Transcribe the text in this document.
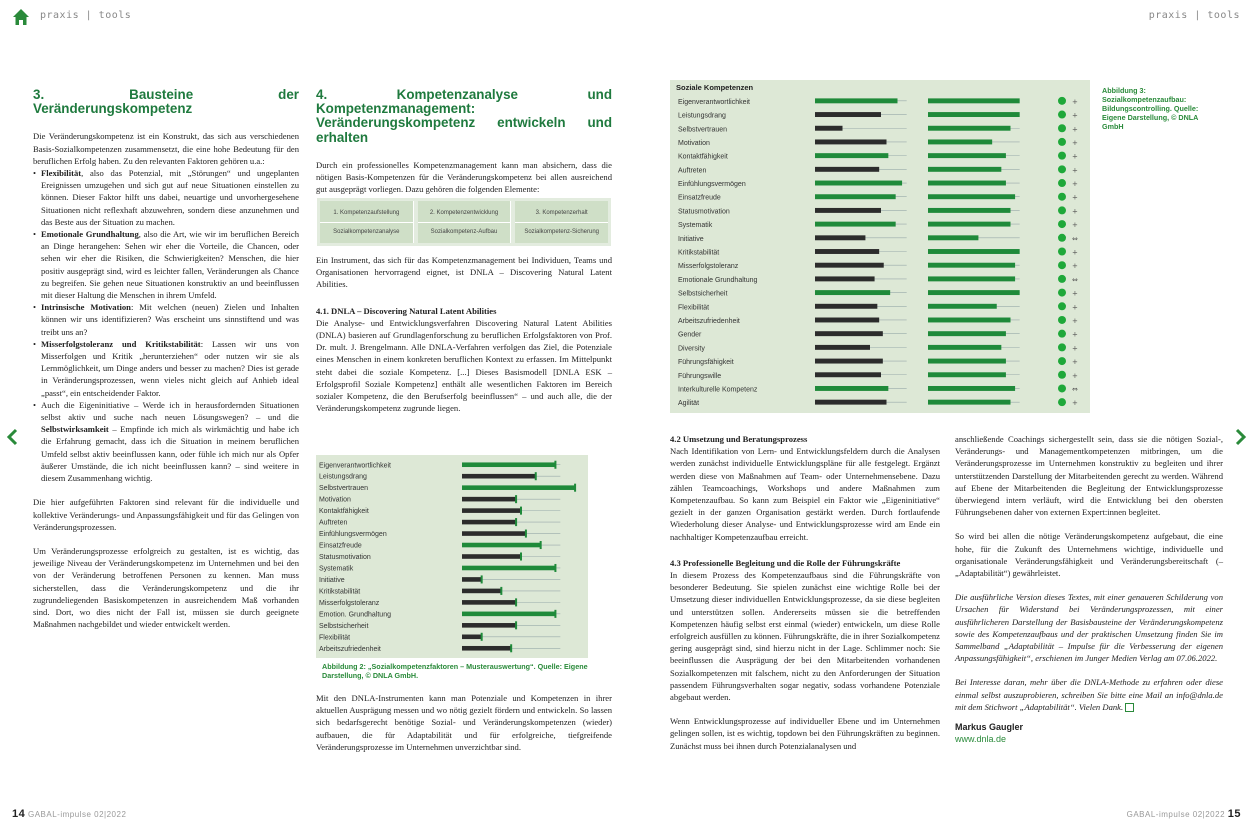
praxis | tools	praxis | tools
3. Bausteine der Veränderungskompetenz

Die Veränderungskompetenz ist ein Konstrukt, das sich aus verschiedenen Basis-Sozialkompetenzen zusammensetzt, die eine hohe Bedeutung für den beruflichen Erfolg haben. Zu den relevanten Faktoren gehören u.a.:

• Flexibilität, also das Potenzial, mit „Störungen“ und ungeplanten Ereignissen umzugehen und sich gut auf neue Situationen einstellen zu können. Dieser Faktor hilft uns dabei, neuartige und unvorhergesehene Situationen nicht reflexhaft abzuwehren, sondern diese anzunehmen und das Beste aus der Situation zu machen.

• Emotionale Grundhaltung, also die Art, wie wir im beruflichen Bereich an Dinge herangehen: Sehen wir eher die Vorteile, die Chancen, oder sehen wir eher die Risiken, die Schwierigkeiten? Menschen, die hier positiv ausgeprägt sind, wird es leichter fallen, Veränderungen als Chance zu begreifen. Sie gehen neue Situationen konstruktiv an und beeinflussen mit dieser Haltung die Menschen in ihrem Umfeld.

• Intrinsische Motivation: Mit welchen (neuen) Zielen und Inhalten können wir uns identifizieren? Was erscheint uns sinnstiftend und was treibt uns an?

• Misserfolgstoleranz und Kritikstabilität: Lassen wir uns von Misserfolgen und Kritik „herunterziehen“ oder nutzen wir sie als Lernmöglichkeit, um Dinge anders und besser zu machen? Dies ist gerade in Veränderungsprozessen, wenn vieles nicht gleich auf Anhieb ideal „passt“, ein entscheidender Faktor.

• Auch die Eigeninitiative – Werde ich in herausfordernden Situationen selbst aktiv und suche nach neuen Lösungswegen? – und die Selbstwirksamkeit – Empfinde ich mich als wirkmächtig und habe ich die Erfahrung gemacht, dass ich die Situation in meinem beruflichen Umfeld selbst aktiv beeinflussen kann, oder fühle ich mich nur als Opfer äußerer Umstände, die ich nicht beeinflussen kann? – sind weitere in diesem Zusammenhang wichtig.

Die hier aufgeführten Faktoren sind relevant für die individuelle und kollektive Veränderungs- und Anpassungsfähigkeit und für das Gelingen von Veränderungsprozessen.

Um Veränderungsprozesse erfolgreich zu gestalten, ist es wichtig, das jeweilige Niveau der Veränderungskompetenz im Unternehmen und bei den von der Veränderung betroffenen Personen zu kennen. Man muss sicherstellen, dass die Veränderungskompetenz und die ihr zugrundeliegenden Basiskompetenzen in ausreichendem Maß vorhanden sind. Dort, wo dies nicht der Fall ist, müssen sie durch geeignete Maßnahmen nachgebildet und wieder entwickelt werden.

4. Kompetenzanalyse und Kompetenzmanagement: Veränderungskompetenz entwickeln und erhalten

Durch ein professionelles Kompetenzmanagement kann man absichern, dass die nötigen Basis-Kompetenzen für die Veränderungskompetenz bei allen ausreichend gut ausgeprägt vorliegen. Dazu gehören die folgenden Elemente:

1. Kompetenzaufstellung
Sozialkompetenzanalyse
2. Kompetenzentwicklung
Sozialkompetenz-Aufbau
3. Kompetenzerhalt
Sozialkompetenz-Sicherung

Ein Instrument, das sich für das Kompetenzmanagement bei Individuen, Teams und Organisationen hervorragend eignet, ist DNLA – Discovering Natural Latent Abilities.

4.1. DNLA – Discovering Natural Latent Abilities

Die Analyse- und Entwicklungsverfahren Discovering Natural Latent Abilities (DNLA) basieren auf Grundlagenforschung zu beruflichen Erfolgsfaktoren von Prof. Dr. mult. J. Brengelmann. Alle DNLA-Verfahren verfolgen das Ziel, die Potenziale eines Menschen in einem konkreten beruflichen Kontext zu erfassen. Im Mittelpunkt steht dabei die soziale Kompetenz. [...] Dieses Basismodell [DNLA ESK – Erfolgsprofil Soziale Kompetenz] enthält alle wesentlichen Faktoren im Bereich sozialer Kompetenz, die den Berufserfolg beeinflussen“ – und auch alle, die der Veränderungskompetenz zugrunde liegen.

Eigenverantwortlichkeit
Leistungsdrang
Selbstvertrauen
Motivation
Kontaktfähigkeit
Auftreten
Einfühlungsvermögen
Einsatzfreude
Statusmotivation
Systematik
Initiative
Kritikstabilität
Misserfolgstoleranz
Emotion. Grundhaltung
Selbstsicherheit
Flexibilität
Arbeitszufriedenheit
Abbildung 2: „Sozialkompetenzfaktoren – Musterauswertung“. Quelle: Eigene Darstellung, © DNLA GmbH.

Mit den DNLA-Instrumenten kann man Potenziale und Kompetenzen in ihrer aktuellen Ausprägung messen und wo nötig gezielt fördern und entwickeln. So lassen sich bedarfsgerecht benötige Sozial- und Veränderungskompetenzen (wieder) aufbauen, die für Adaptabilität und für erfolgreiche, tiefgreifende Veränderungsprozesse im Unternehmen unverzichtbar sind.

Soziale Kompetenzen
Eigenverantwortlichkeit	+
Leistungsdrang	+
Selbstvertrauen	+
Motivation	+
Kontaktfähigkeit	+
Auftreten	+
Einfühlungsvermögen	+
Einsatzfreude	+
Statusmotivation	+
Systematik	+
Initiative	⇔
Kritikstabilität	+
Misserfolgstoleranz	+
Emotionale Grundhaltung	⇔
Selbstsicherheit	+
Flexibilität	+
Arbeitszufriedenheit	+
Gender	+
Diversity	+
Führungsfähigkeit	+
Führungswille	+
Interkulturelle Kompetenz	⇔
Agilität	+
Abbildung 3: Sozialkompetenzaufbau: Bildungscontrolling. Quelle: Eigene Darstellung, © DNLA GmbH

4.2 Umsetzung und Beratungsprozess

Nach Identifikation von Lern- und Entwicklungsfeldern durch die Analysen werden zunächst individuelle Entwicklungspläne für alle festgelegt. Ergänzt werden diese von Maßnahmen auf Team- oder Unternehmensebene. Dazu zählen Teamcoachings, Workshops und andere Maßnahmen zum Kompetenzaufbau. So kann zum Beispiel ein Faktor wie „Eigeninitiative“ gezielt in der ganzen Organisation gestärkt werden. Durch fortlaufende Wiederholung dieser Analyse- und Entwicklungsprozesse wird am Ende ein nachhaltiger Kompetenzaufbau erreicht.

4.3 Professionelle Begleitung und die Rolle der Führungskräfte

In diesem Prozess des Kompetenzaufbaus sind die Führungskräfte von besonderer Bedeutung. Sie spielen zunächst eine wichtige Rolle bei der Umsetzung dieser individuellen Entwicklungsprozesse, da sie diese begleiten und unterstützen sollen. Andererseits müssen sie die betreffenden Kompetenzen häufig selbst erst einmal (wieder) entwickeln, um diese Rolle erfolgreich ausfüllen zu können. Führungskräfte, die in ihrer Sozialkompetenz gering ausgeprägt sind, sind hierzu nicht in der Lage. Schlimmer noch: Sie beeinflussen die Ausprägung der bei den Mitarbeitenden vorhandenen Sozialkompetenzen mit falschem, nicht zu den Anforderungen der Situation passendem Führungsverhalten sogar negativ, sodass vorhandene Potenziale abgebaut werden.

Wenn Entwicklungsprozesse auf individueller Ebene und im Unternehmen gelingen sollen, ist es wichtig, topdown bei den Führungskräften zu beginnen. Zunächst muss bei ihnen durch Potenzialanalysen und

anschließende Coachings sichergestellt sein, dass sie die nötigen Sozial-, Veränderungs- und Managementkompetenzen mitbringen, um die Veränderungsprozesse im Unternehmen konstruktiv zu begleiten und ihrer unterstützenden Darstellung der Mitarbeitenden gerecht zu werden. Während auf Ebene der Mitarbeitenden die Begleitung der Entwicklungsprozesse überwiegend intern verläuft, wird die Entwicklung bei den obersten Führungsebenen daher von externen Expert:innen begleitet.

So wird bei allen die nötige Veränderungskompetenz aufgebaut, die eine hohe, für die Zukunft des Unternehmens wichtige, individuelle und organisationale Veränderungsfähigkeit und Veränderungsbereitschaft (– „Adaptabilität“) gewährleistet.

Die ausführliche Version dieses Textes, mit einer genaueren Schilderung von Ursachen für Widerstand bei Veränderungsprozessen, mit einer ausführlicheren Darstellung der Basisbausteine der Veränderungskompetenz sowie des Kompetenzaufbaus und der praktischen Umsetzung finden Sie im Sammelband „Adaptabilität – Impulse für die Verbesserung der eigenen Anpassungsfähigkeit“, erschienen im Junger Medien Verlag am 07.06.2022.

Bei Interesse daran, mehr über die DNLA-Methode zu erfahren oder diese einmal selbst auszuprobieren, schreiben Sie bitte eine Mail an info@dnla.de mit dem Stichwort „Adaptabilität“. Vielen Dank.

Markus Gaugler

www.dnla.de

14 GABAL-impulse 02|2022	GABAL-impulse 02|2022 15
